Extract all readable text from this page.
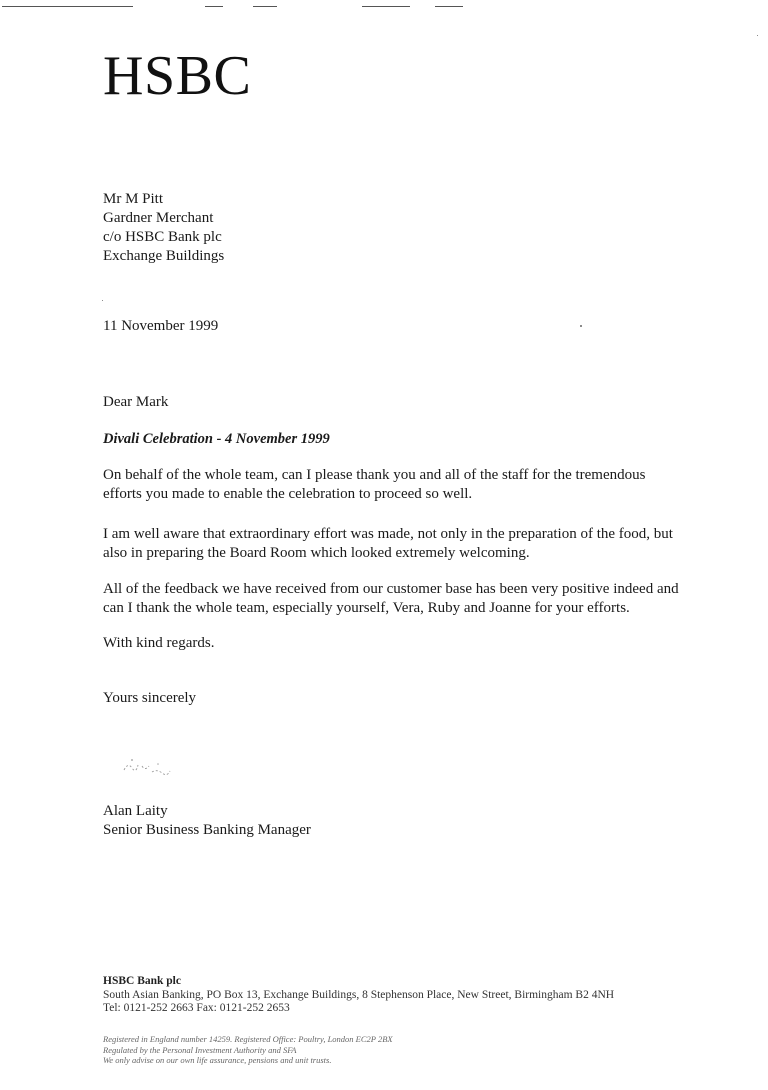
HSBC
Mr M Pitt
Gardner Merchant
c/o HSBC Bank plc
Exchange Buildings
11 November 1999
Dear Mark
Divali Celebration - 4 November 1999
On behalf of the whole team, can I please thank you and all of the staff for the tremendous efforts you made to enable the celebration to proceed so well.
I am well aware that extraordinary effort was made, not only in the preparation of the food, but also in preparing the Board Room which looked extremely welcoming.
All of the feedback we have received from our customer base has been very positive indeed and can I thank the whole team, especially yourself, Vera, Ruby and Joanne for your efforts.
With kind regards.
Yours sincerely
Alan Laity
Senior Business Banking Manager
HSBC Bank plc
South Asian Banking, PO Box 13, Exchange Buildings, 8 Stephenson Place, New Street, Birmingham B2 4NH
Tel: 0121-252 2663 Fax: 0121-252 2653
Registered in England number 14259. Registered Office: Poultry, London EC2P 2BX
Regulated by the Personal Investment Authority and SFA
We only advise on our own life assurance, pensions and unit trusts.
